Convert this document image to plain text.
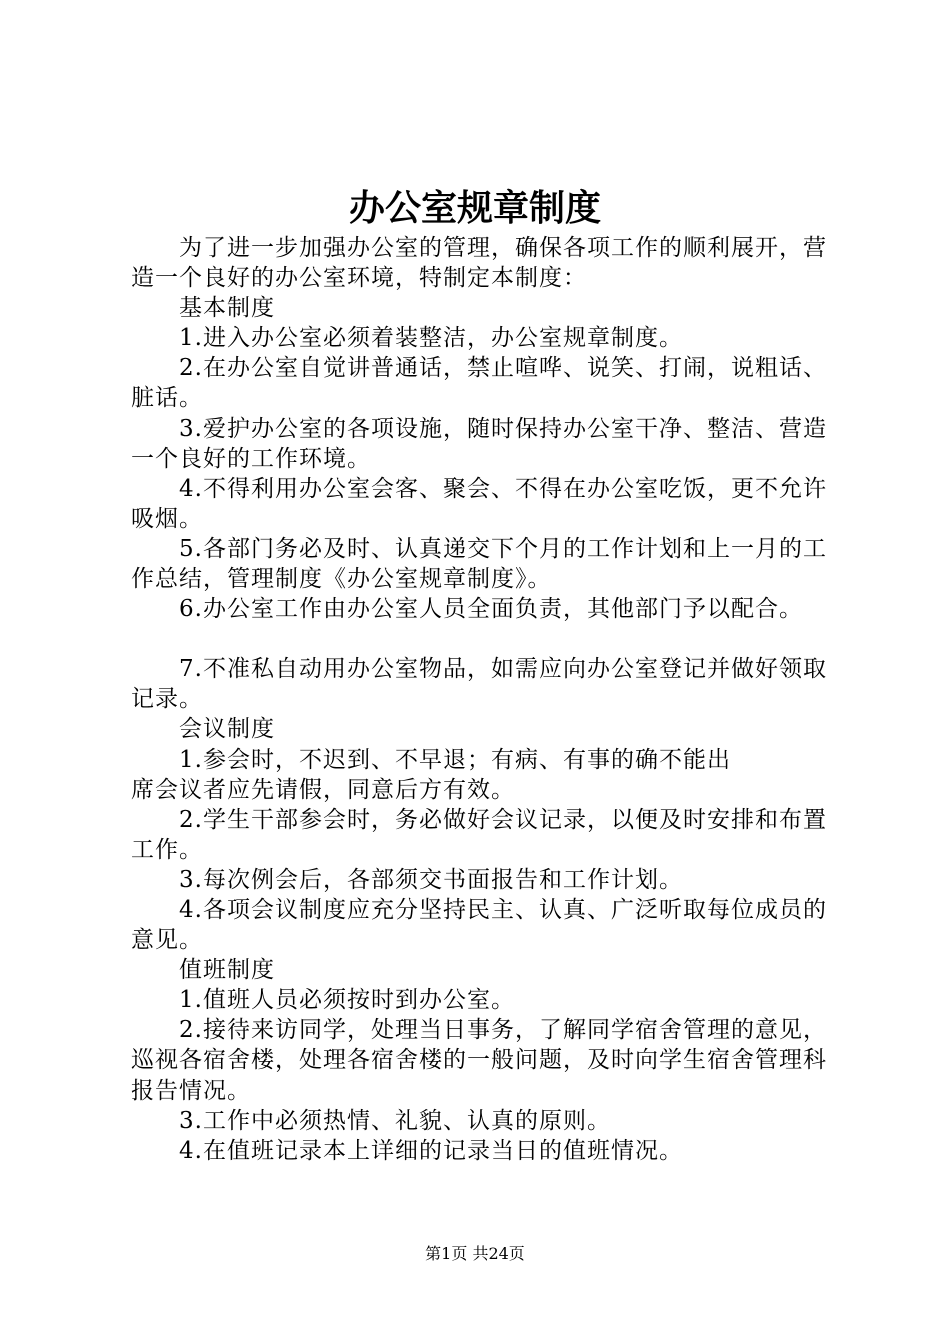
办公室规章制度

为了进一步加强办公室的管理，确保各项工作的顺利展开，营造一个良好的办公室环境，特制定本制度：

基本制度

1.进入办公室必须着装整洁，办公室规章制度。

2.在办公室自觉讲普通话，禁止喧哗、说笑、打闹，说粗话、脏话。

3.爱护办公室的各项设施，随时保持办公室干净、整洁、营造一个良好的工作环境。

4.不得利用办公室会客、聚会、不得在办公室吃饭，更不允许吸烟。

5.各部门务必及时、认真递交下个月的工作计划和上一月的工作总结，管理制度《办公室规章制度》。

6.办公室工作由办公室人员全面负责，其他部门予以配合。

7.不准私自动用办公室物品，如需应向办公室登记并做好领取记录。

会议制度

1.参会时，不迟到、不早退；有病、有事的确不能出

席会议者应先请假，同意后方有效。

2.学生干部参会时，务必做好会议记录，以便及时安排和布置工作。

3.每次例会后，各部须交书面报告和工作计划。

4.各项会议制度应充分坚持民主、认真、广泛听取每位成员的意见。

值班制度

1.值班人员必须按时到办公室。

2.接待来访同学，处理当日事务，了解同学宿舍管理的意见，巡视各宿舍楼，处理各宿舍楼的一般问题，及时向学生宿舍管理科报告情况。

3.工作中必须热情、礼貌、认真的原则。

4.在值班记录本上详细的记录当日的值班情况。

第1页 共24页
